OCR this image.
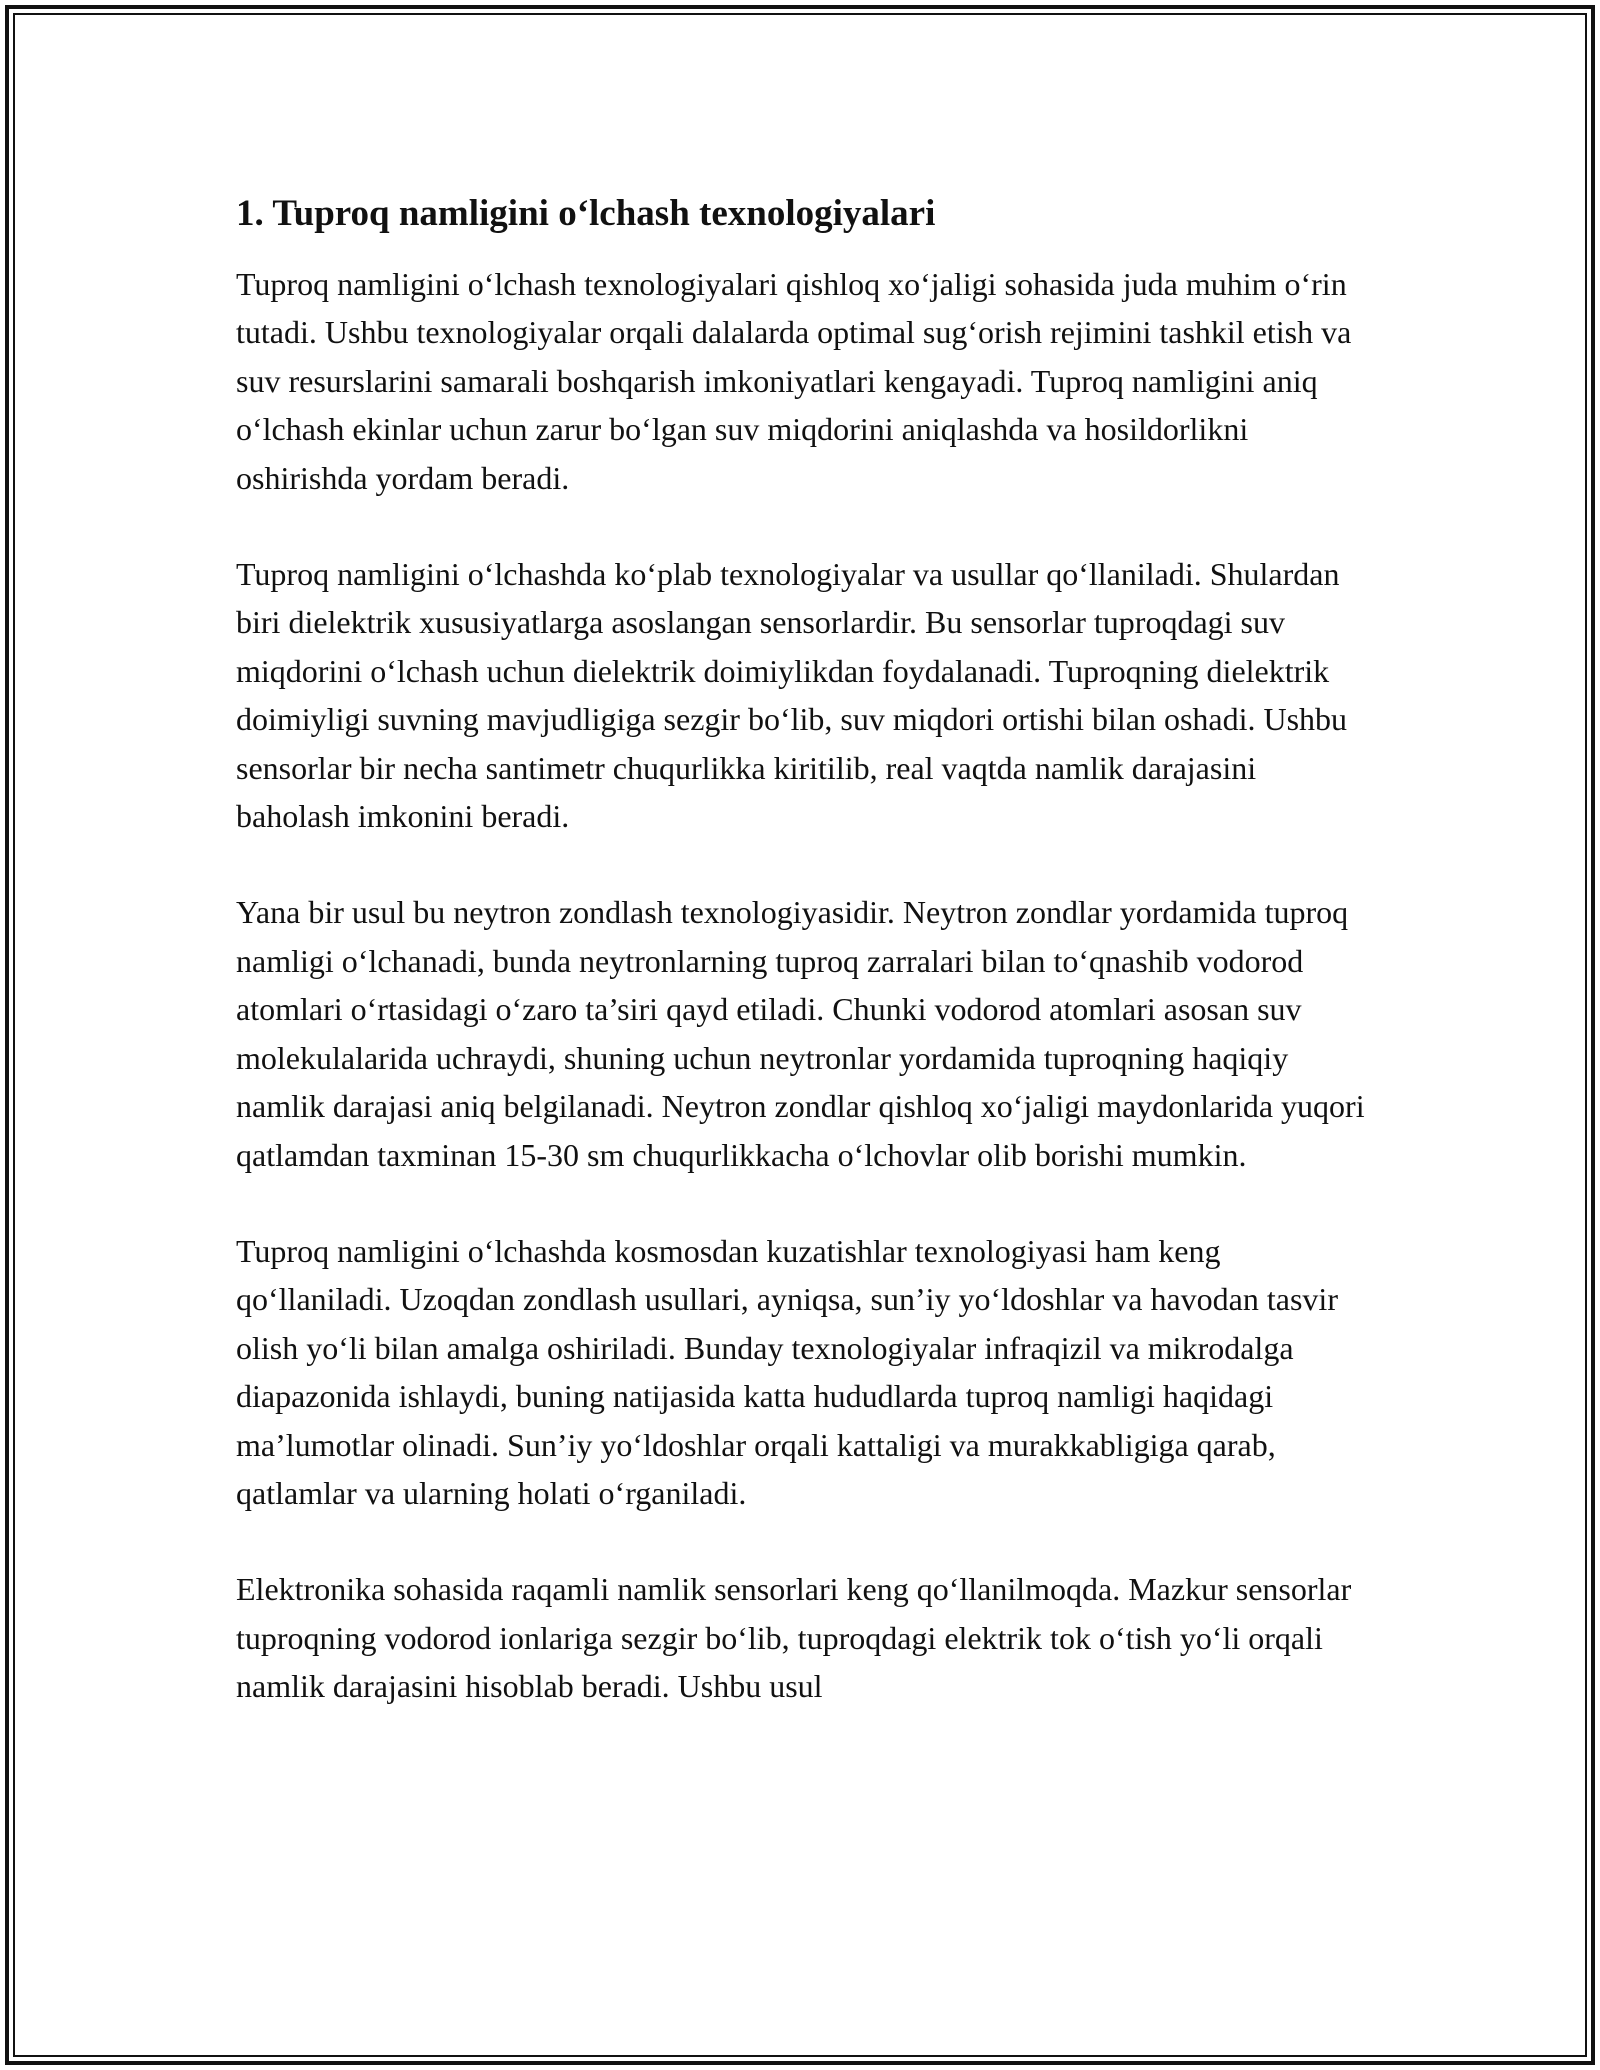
1. Tuproq namligini o‘lchash texnologiyalari

Tuproq namligini o‘lchash texnologiyalari qishloq xo‘jaligi sohasida juda muhim o‘rin tutadi. Ushbu texnologiyalar orqali dalalarda optimal sug‘orish rejimini tashkil etish va suv resurslarini samarali boshqarish imkoniyatlari kengayadi. Tuproq namligini aniq o‘lchash ekinlar uchun zarur bo‘lgan suv miqdorini aniqlashda va hosildorlikni oshirishda yordam beradi.

Tuproq namligini o‘lchashda ko‘plab texnologiyalar va usullar qo‘llaniladi. Shulardan biri dielektrik xususiyatlarga asoslangan sensorlardir. Bu sensorlar tuproqdagi suv miqdorini o‘lchash uchun dielektrik doimiylikdan foydalanadi. Tuproqning dielektrik doimiyligi suvning mavjudligiga sezgir bo‘lib, suv miqdori ortishi bilan oshadi. Ushbu sensorlar bir necha santimetr chuqurlikka kiritilib, real vaqtda namlik darajasini baholash imkonini beradi.

Yana bir usul bu neytron zondlash texnologiyasidir. Neytron zondlar yordamida tuproq namligi o‘lchanadi, bunda neytronlarning tuproq zarralari bilan to‘qnashib vodorod atomlari o‘rtasidagi o‘zaro ta’siri qayd etiladi. Chunki vodorod atomlari asosan suv molekulalarida uchraydi, shuning uchun neytronlar yordamida tuproqning haqiqiy namlik darajasi aniq belgilanadi. Neytron zondlar qishloq xo‘jaligi maydonlarida yuqori qatlamdan taxminan 15-30 sm chuqurlikkacha o‘lchovlar olib borishi mumkin.

Tuproq namligini o‘lchashda kosmosdan kuzatishlar texnologiyasi ham keng qo‘llaniladi. Uzoqdan zondlash usullari, ayniqsa, sun’iy yo‘ldoshlar va havodan tasvir olish yo‘li bilan amalga oshiriladi. Bunday texnologiyalar infraqizil va mikrodalga diapazonida ishlaydi, buning natijasida katta hududlarda tuproq namligi haqidagi ma’lumotlar olinadi. Sun’iy yo‘ldoshlar orqali kattaligi va murakkabligiga qarab, qatlamlar va ularning holati o‘rganiladi.

Elektronika sohasida raqamli namlik sensorlari keng qo‘llanilmoqda. Mazkur sensorlar tuproqning vodorod ionlariga sezgir bo‘lib, tuproqdagi elektrik tok o‘tish yo‘li orqali namlik darajasini hisoblab beradi. Ushbu usul
